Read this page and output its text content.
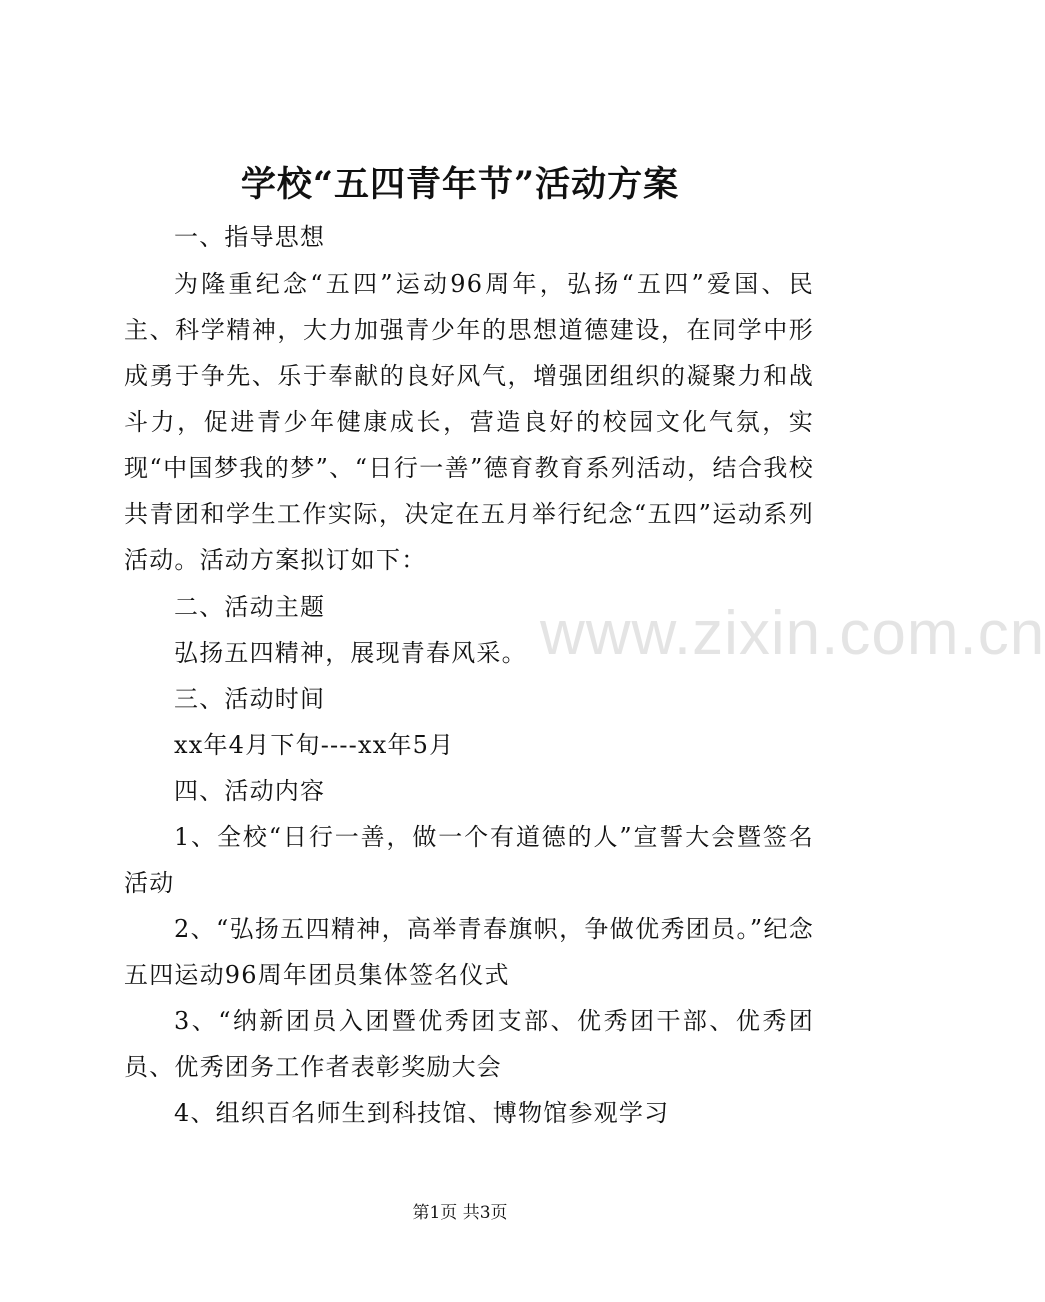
学校“五四青年节”活动方案

一、指导思想

为隆重纪念“五四”运动96周年，弘扬“五四”爱国、民主、科学精神，大力加强青少年的思想道德建设，在同学中形成勇于争先、乐于奉献的良好风气，增强团组织的凝聚力和战斗力，促进青少年健康成长，营造良好的校园文化气氛，实现“中国梦我的梦”、“日行一善”德育教育系列活动，结合我校共青团和学生工作实际，决定在五月举行纪念“五四”运动系列活动。活动方案拟订如下：

二、活动主题

弘扬五四精神，展现青春风采。

三、活动时间

xx年4月下旬----xx年5月

四、活动内容

1、全校“日行一善，做一个有道德的人”宣誓大会暨签名活动

2、“弘扬五四精神，高举青春旗帜，争做优秀团员。”纪念五四运动96周年团员集体签名仪式

3、“纳新团员入团暨优秀团支部、优秀团干部、优秀团员、优秀团务工作者表彰奖励大会

4、组织百名师生到科技馆、博物馆参观学习

www.zixin.com.cn
第1页 共3页
